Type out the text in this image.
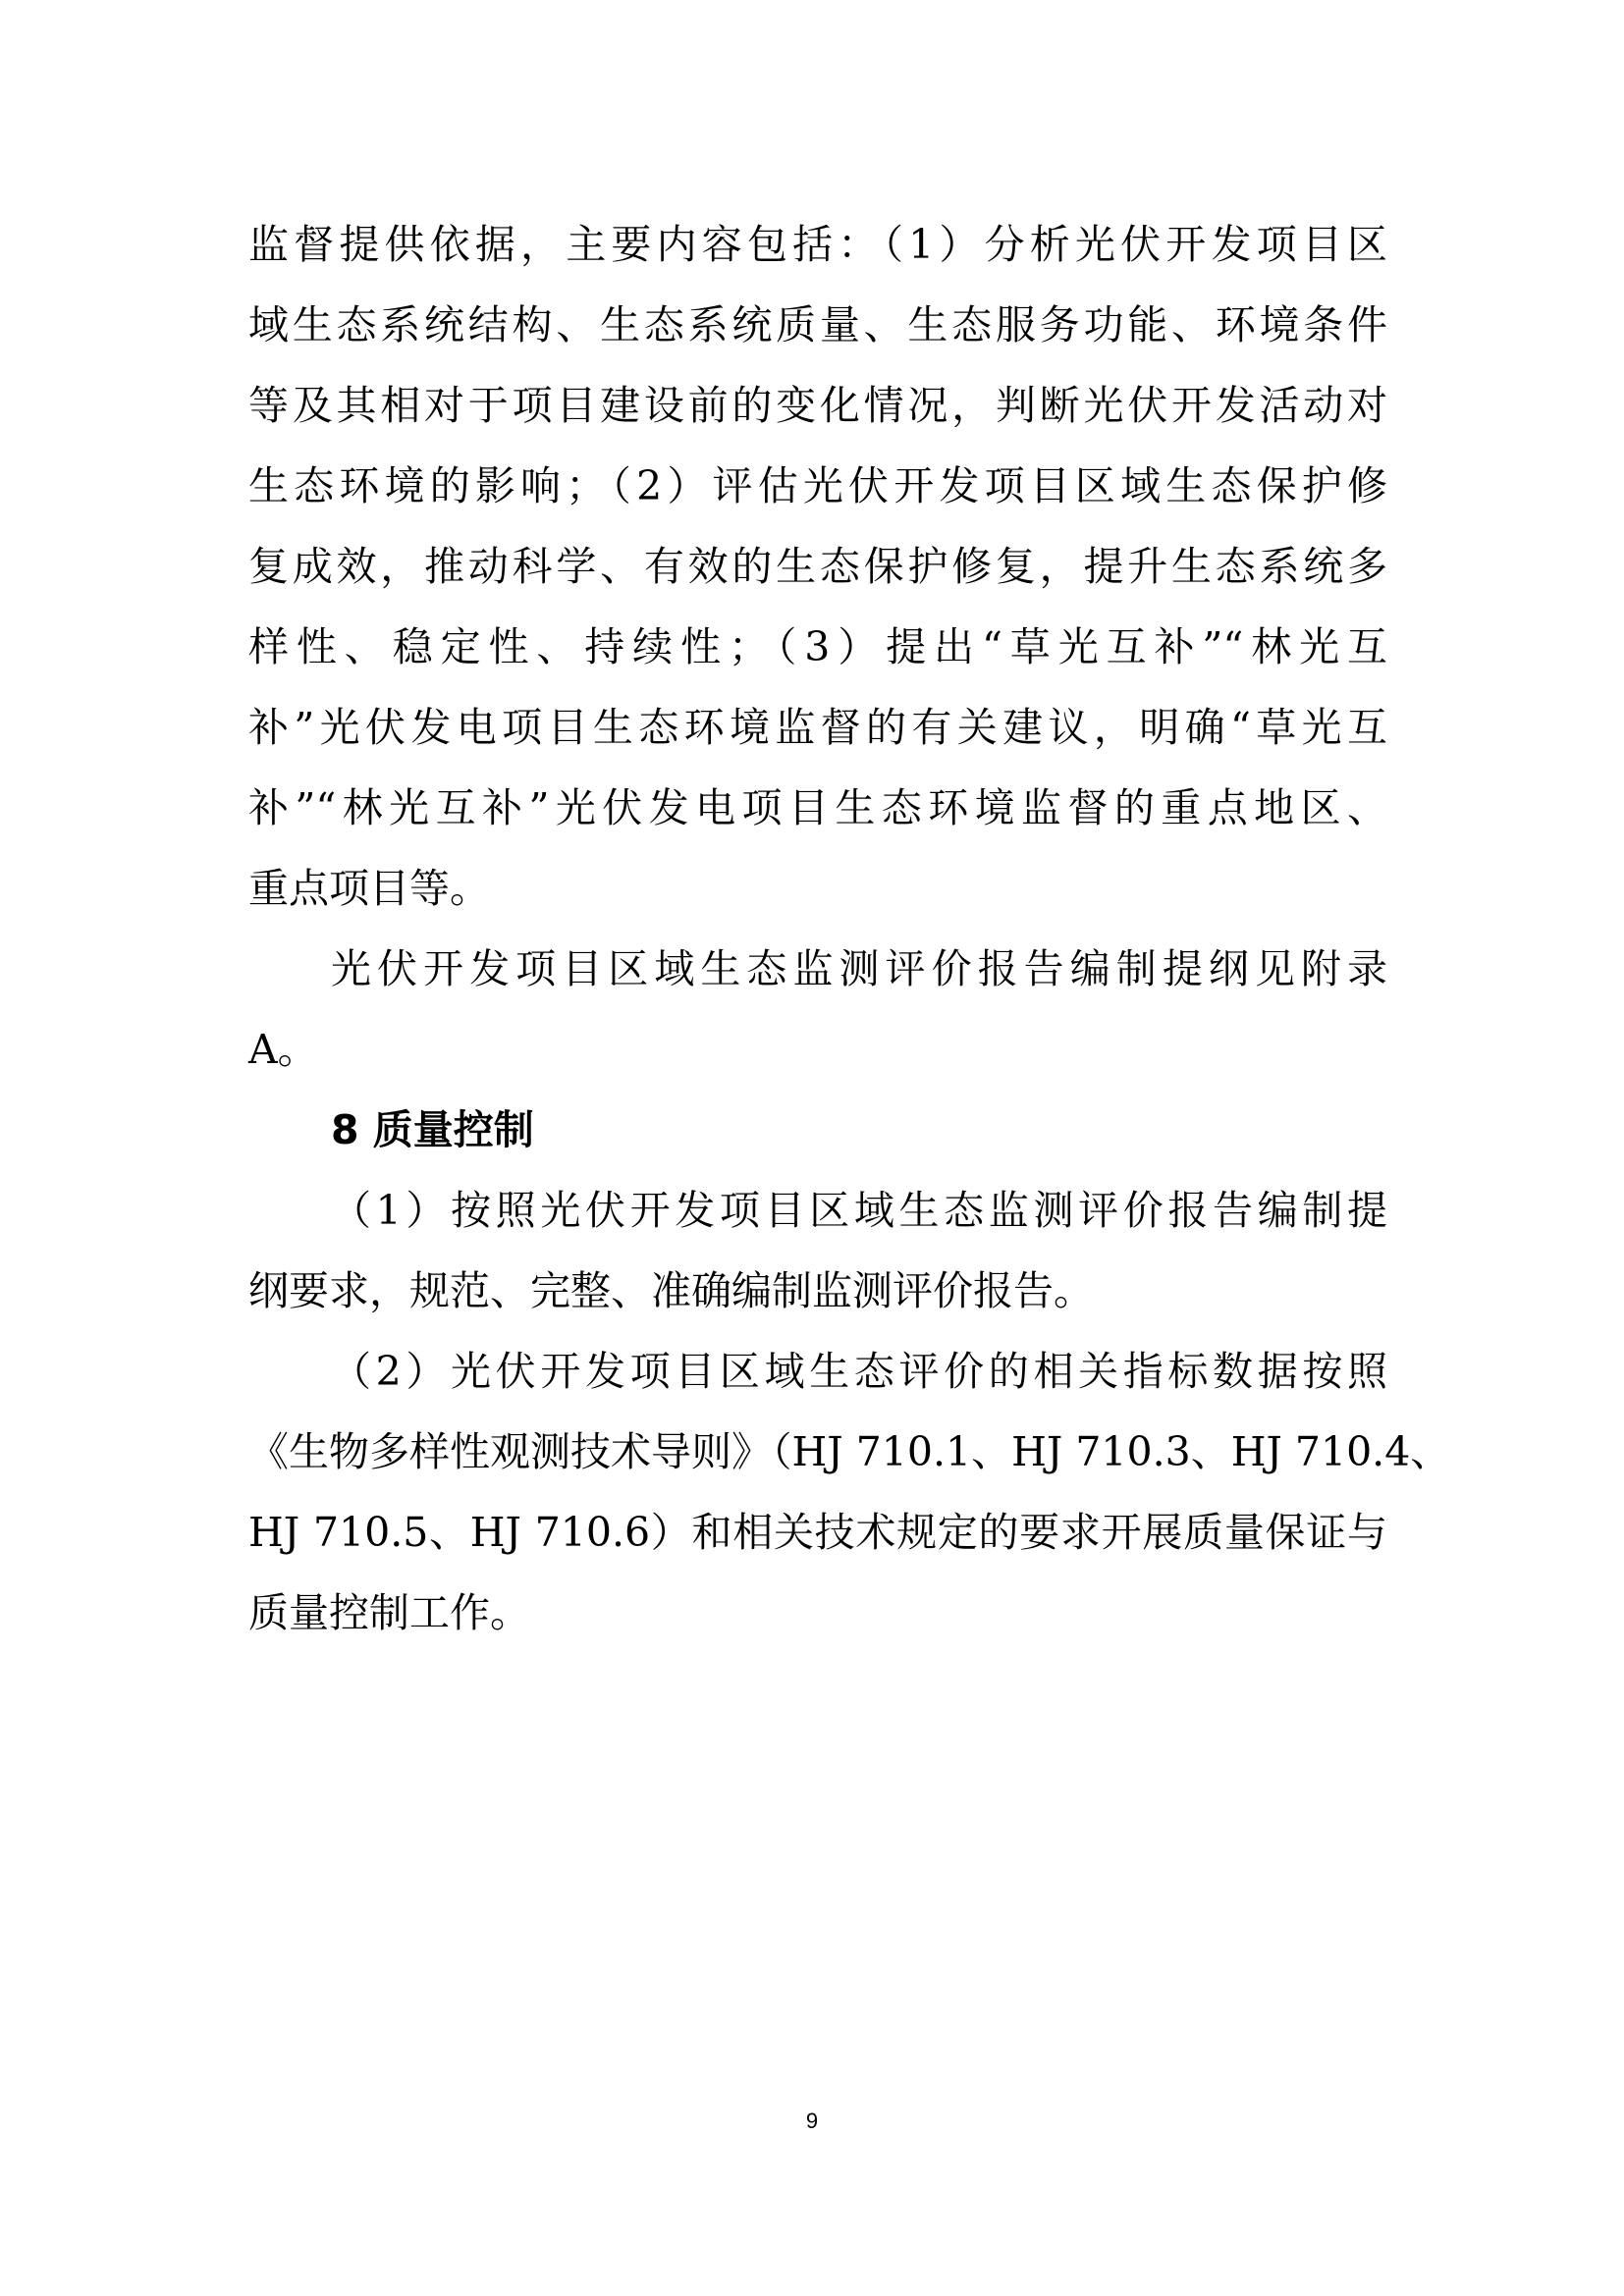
监督提供依据，主要内容包括：（1）分析光伏开发项目区
域生态系统结构、生态系统质量、生态服务功能、环境条件
等及其相对于项目建设前的变化情况，判断光伏开发活动对
生态环境的影响；（2）评估光伏开发项目区域生态保护修
复成效，推动科学、有效的生态保护修复，提升生态系统多
样性、稳定性、持续性；（3）提出“草光互补”“林光互
补”光伏发电项目生态环境监督的有关建议，明确“草光互
补”“林光互补”光伏发电项目生态环境监督的重点地区、
重点项目等。
光伏开发项目区域生态监测评价报告编制提纲见附录
A。
8 质量控制
（1）按照光伏开发项目区域生态监测评价报告编制提
纲要求，规范、完整、准确编制监测评价报告。
（2）光伏开发项目区域生态评价的相关指标数据按照
《生物多样性观测技术导则》（HJ 710.1、HJ 710.3、HJ 710.4、
HJ 710.5、HJ 710.6）和相关技术规定的要求开展质量保证与
质量控制工作。
9
